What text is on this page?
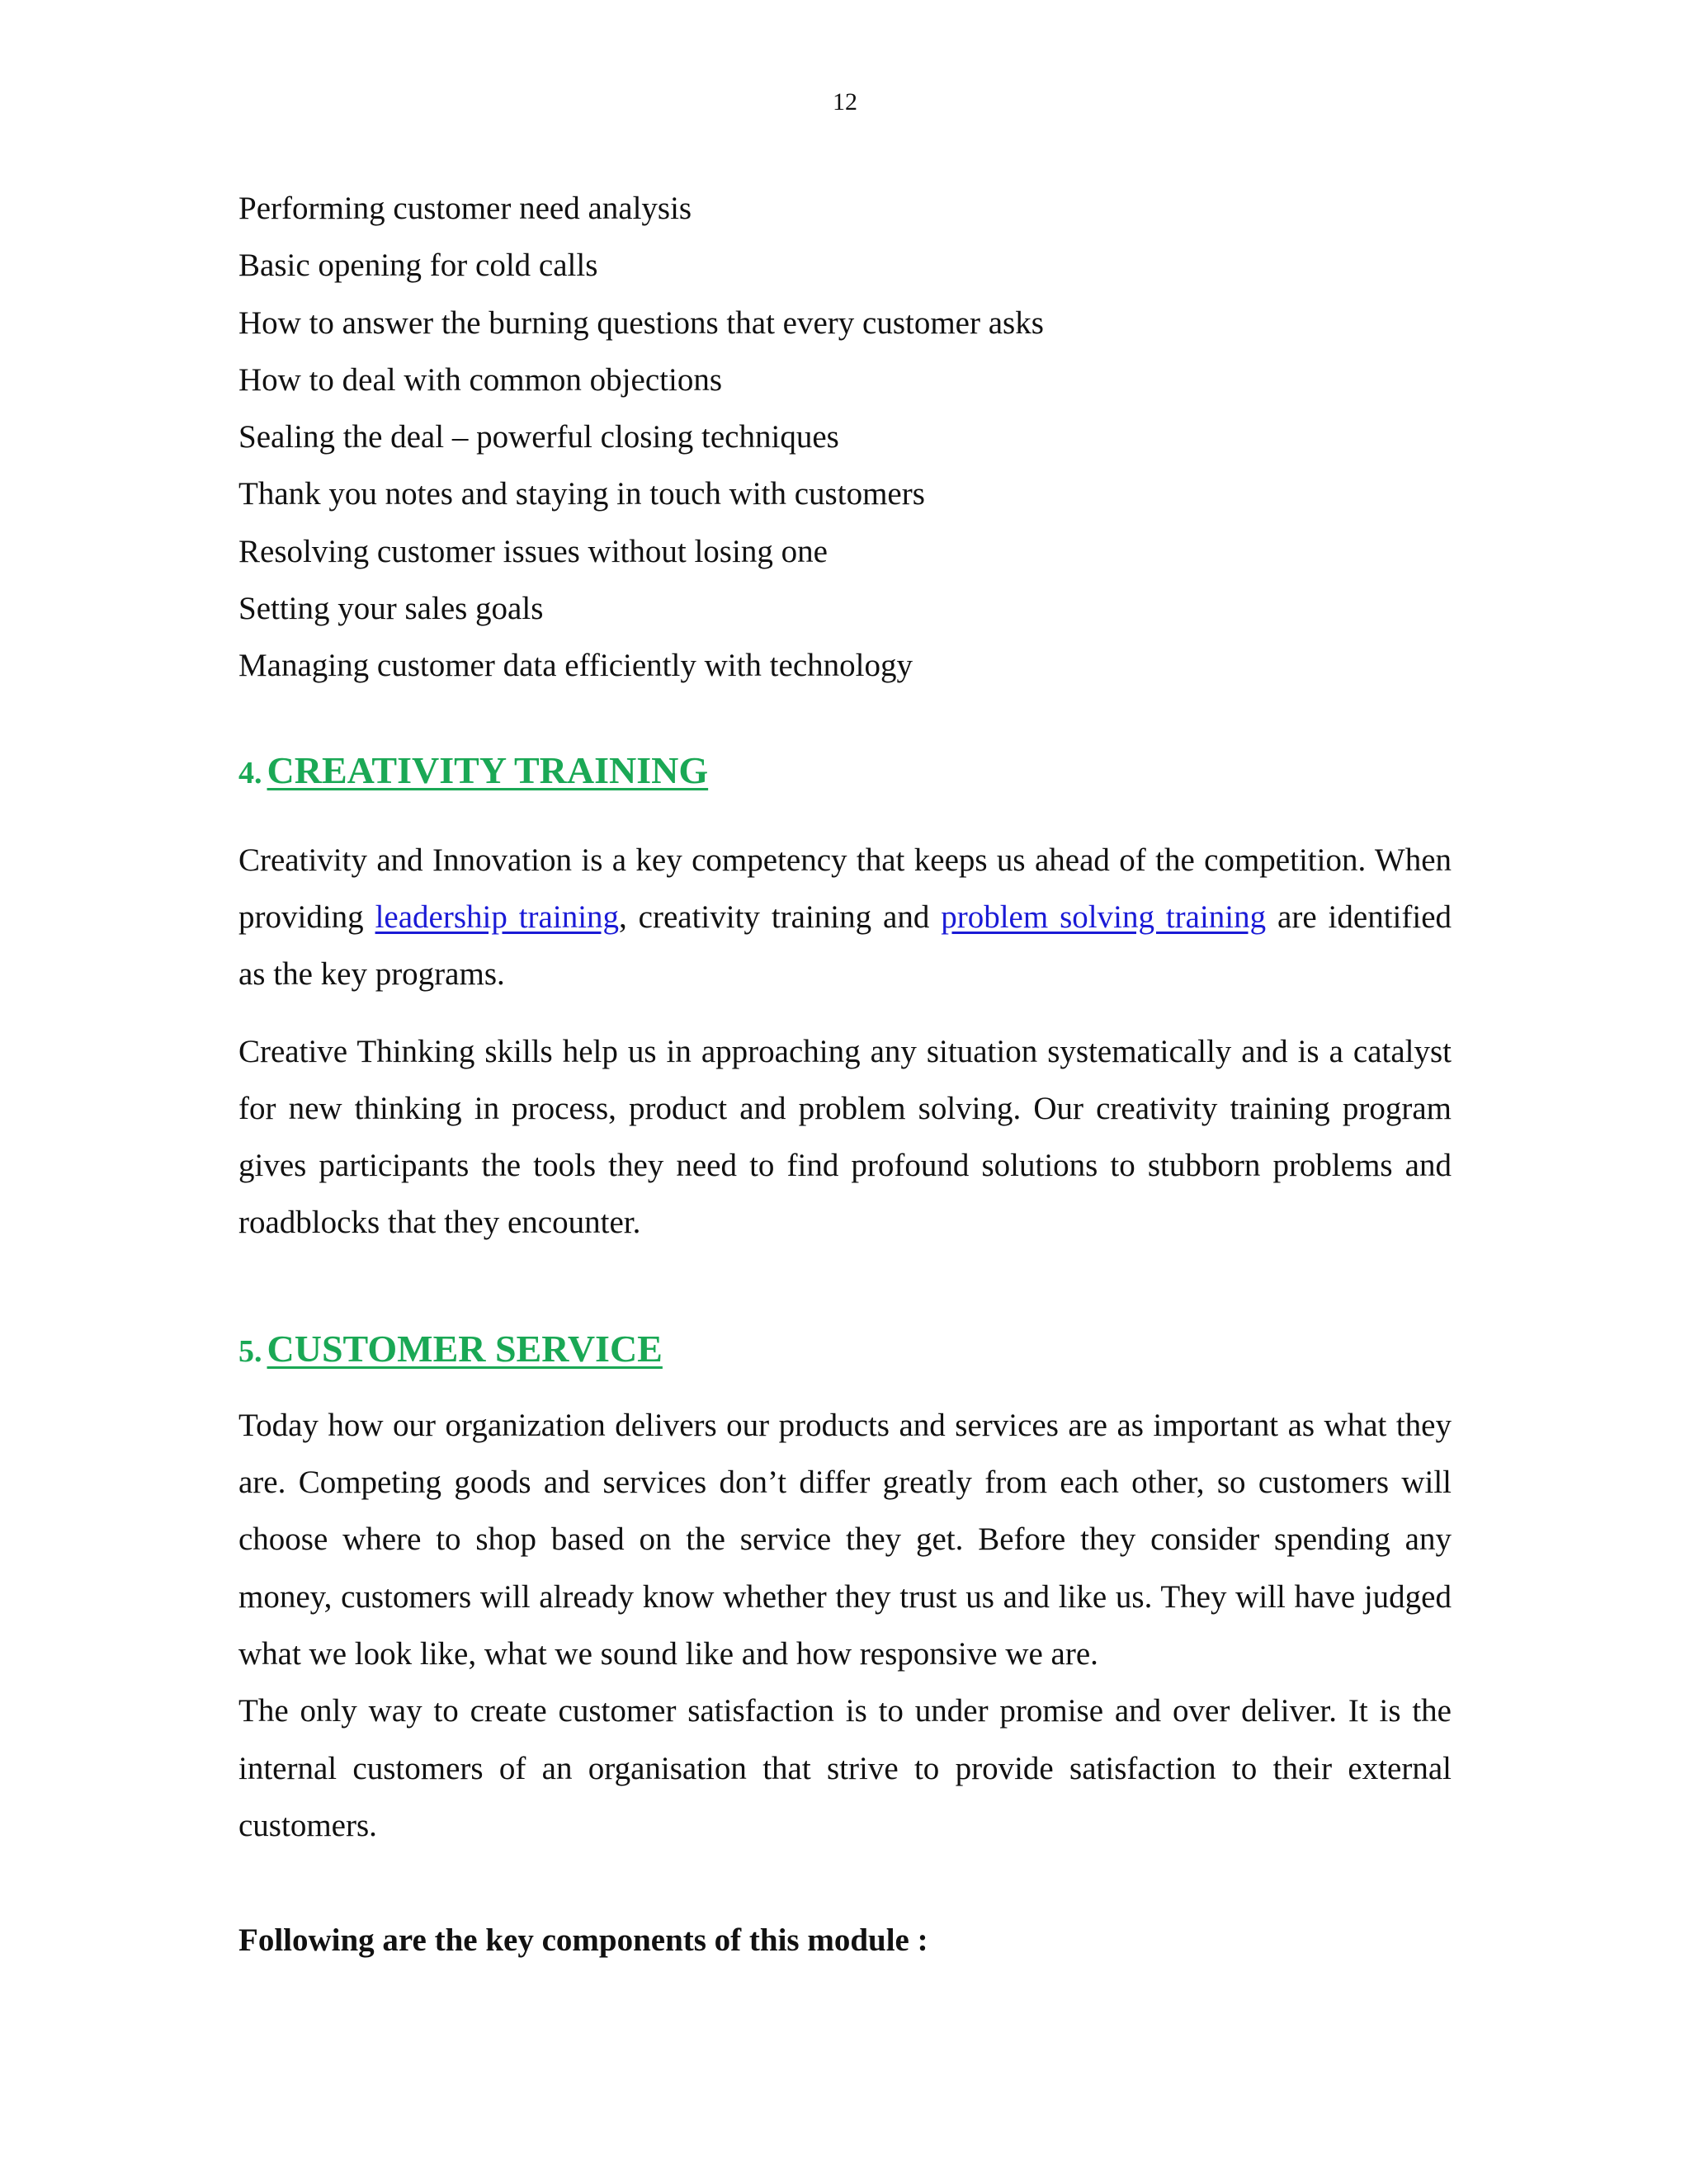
12
Performing customer need analysis
Basic opening for cold calls
How to answer the burning questions that every customer asks
How to deal with common objections
Sealing the deal – powerful closing techniques
Thank you notes and staying in touch with customers
Resolving customer issues without losing one
Setting your sales goals
Managing customer data efficiently with technology
4. CREATIVITY TRAINING

Creativity and Innovation is a key competency that keeps us ahead of the competition. When providing leadership training, creativity training and problem solving training are identified as the key programs.

Creative Thinking skills help us in approaching any situation systematically and is a catalyst for new thinking in process, product and problem solving. Our creativity training program gives participants the tools they need to find profound solutions to stubborn problems and roadblocks that they encounter.

5. CUSTOMER SERVICE

Today how our organization delivers our products and services are as important as what they are. Competing goods and services don’t differ greatly from each other, so customers will choose where to shop based on the service they get. Before they consider spending any money, customers will already know whether they trust us and like us. They will have judged what we look like, what we sound like and how responsive we are.

The only way to create customer satisfaction is to under promise and over deliver. It is the internal customers of an organisation that strive to provide satisfaction to their external customers.

Following are the key components of this module :
